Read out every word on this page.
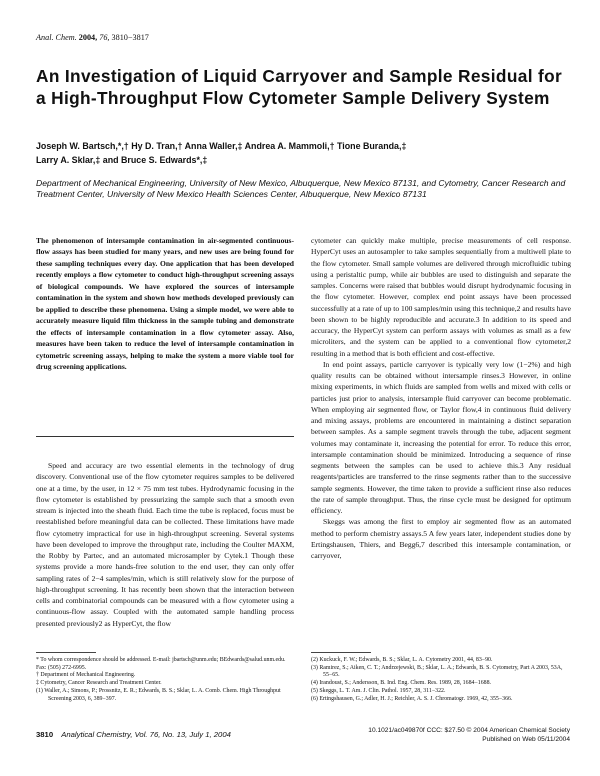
Anal. Chem. 2004, 76, 3810−3817
An Investigation of Liquid Carryover and Sample Residual for a High-Throughput Flow Cytometer Sample Delivery System
Joseph W. Bartsch,*,† Hy D. Tran,† Anna Waller,‡ Andrea A. Mammoli,† Tione Buranda,‡
Larry A. Sklar,‡ and Bruce S. Edwards*,‡
Department of Mechanical Engineering, University of New Mexico, Albuquerque, New Mexico 87131, and Cytometry, Cancer Research and Treatment Center, University of New Mexico Health Sciences Center, Albuquerque, New Mexico 87131

The phenomenon of intersample contamination in air-segmented continuous-flow assays has been studied for many years, and new uses are being found for these sampling techniques every day. One application that has been developed recently employs a flow cytometer to conduct high-throughput screening assays of biological compounds. We have explored the sources of intersample contamination in the system and shown how methods developed previously can be applied to describe these phenomena. Using a simple model, we were able to accurately measure liquid film thickness in the sample tubing and demonstrate the effects of intersample contamination in a flow cytometer assay. Also, measures have been taken to reduce the level of intersample contamination in cytometric screening assays, helping to make the system a more viable tool for drug screening applications.

Speed and accuracy are two essential elements in the technology of drug discovery. Conventional use of the flow cytometer requires samples to be delivered one at a time, by the user, in 12 × 75 mm test tubes. Hydrodynamic focusing in the flow cytometer is established by pressurizing the sample such that a smooth even stream is injected into the sheath fluid. Each time the tube is replaced, focus must be reestablished before meaningful data can be collected. These limitations have made flow cytometry impractical for use in high-throughput screening. Several systems have been developed to improve the throughput rate, including the Coulter MAXM, the Robby by Partec, and an automated microsampler by Cytek.1 Though these systems provide a more hands-free solution to the end user, they can only offer sampling rates of 2−4 samples/min, which is still relatively slow for the purpose of high-throughput screening. It has recently been shown that the interaction between cells and combinatorial compounds can be measured with a flow cytometer using a continuous-flow assay. Coupled with the automated sample handling process presented previously2 as HyperCyt, the flow

* To whom correspondence should be addressed. E-mail: jbartsch@unm.edu; BEdwards@salud.unm.edu. Fax: (505) 272-6995.

† Department of Mechanical Engineering.

‡ Cytometry, Cancer Research and Treatment Center.

(1) Waller, A.; Simons, P.; Prossnitz, E. R.; Edwards, B. S.; Sklar, L. A. Comb. Chem. High Throughput Screening 2003, 6, 389−397.

cytometer can quickly make multiple, precise measurements of cell response. HyperCyt uses an autosampler to take samples sequentially from a multiwell plate to the flow cytometer. Small sample volumes are delivered through microfluidic tubing using a peristaltic pump, while air bubbles are used to distinguish and separate the samples. Concerns were raised that bubbles would disrupt hydrodynamic focusing in the flow cytometer. However, complex end point assays have been processed successfully at a rate of up to 100 samples/min using this technique,2 and results have been shown to be highly reproducible and accurate.3 In addition to its speed and accuracy, the HyperCyt system can perform assays with volumes as small as a few microliters, and the system can be applied to a conventional flow cytometer,2 resulting in a method that is both efficient and cost-effective.

In end point assays, particle carryover is typically very low (1−2%) and high quality results can be obtained without intersample rinses.3 However, in online mixing experiments, in which fluids are sampled from wells and mixed with cells or particles just prior to analysis, intersample fluid carryover can become problematic. When employing air segmented flow, or Taylor flow,4 in continuous fluid delivery and mixing assays, problems are encountered in maintaining a distinct separation between samples. As a sample segment travels through the tube, adjacent segment volumes may contaminate it, increasing the potential for error. To reduce this error, intersample contamination should be minimized. Introducing a sequence of rinse segments between the samples can be used to achieve this.3 Any residual reagents/particles are transferred to the rinse segments rather than to the successive sample segments. However, the time taken to provide a sufficient rinse also reduces the rate of sample throughput. Thus, the rinse cycle must be designed for optimum efficiency.

Skeggs was among the first to employ air segmented flow as an automated method to perform chemistry assays.5 A few years later, independent studies done by Ertingshausen, Thiers, and Begg6,7 described this intersample contamination, or carryover,

(2) Kuckuck, F. W.; Edwards, B. S.; Sklar, L. A. Cytometry 2001, 44, 83−90.

(3) Ramirez, S.; Aiken, C. T.; Andrzejewski, B.; Sklar, L. A.; Edwards, B. S. Cytometry, Part A 2003, 53A, 55−65.

(4) Irandoust, S.; Andersson, B. Ind. Eng. Chem. Res. 1989, 28, 1684−1688.

(5) Skeggs, L. T. Am. J. Clin. Pathol. 1957, 28, 311−322.

(6) Ertingshausen, G.; Adler, H. J.; Reichler, A. S. J. Chromatogr. 1969, 42, 355−366.

3810 Analytical Chemistry, Vol. 76, No. 13, July 1, 2004	10.1021/ac049870f CCC: $27.50 © 2004 American Chemical Society
Published on Web 05/11/2004
